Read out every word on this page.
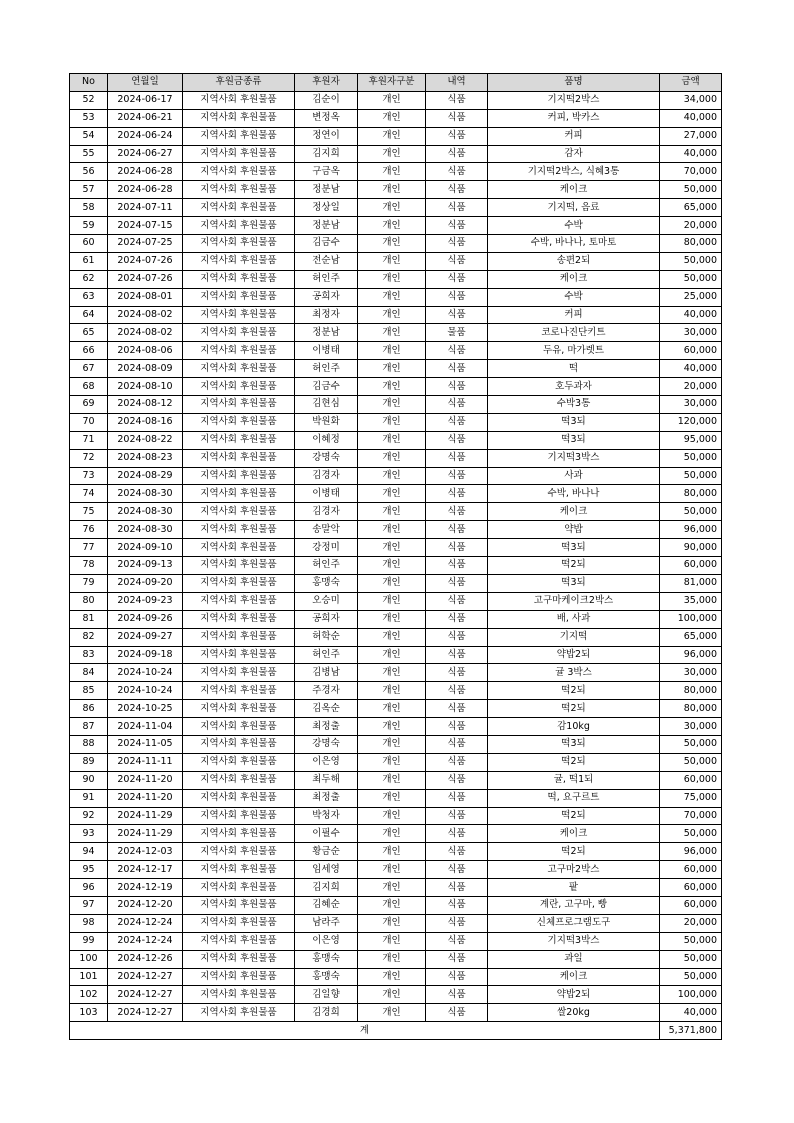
No	연월일	후원금종류	후원자	후원자구분	내역	품명	금액
52	2024-06-17	지역사회 후원물품	김순이	개인	식품	기지떡2박스	34,000
53	2024-06-21	지역사회 후원물품	변정옥	개인	식품	커피, 박카스	40,000
54	2024-06-24	지역사회 후원물품	정연이	개인	식품	커피	27,000
55	2024-06-27	지역사회 후원물품	김지희	개인	식품	감자	40,000
56	2024-06-28	지역사회 후원물품	구금옥	개인	식품	기지떡2박스, 식혜3통	70,000
57	2024-06-28	지역사회 후원물품	정분남	개인	식품	케이크	50,000
58	2024-07-11	지역사회 후원물품	정상일	개인	식품	기지떡, 음료	65,000
59	2024-07-15	지역사회 후원물품	정분남	개인	식품	수박	20,000
60	2024-07-25	지역사회 후원물품	김금수	개인	식품	수박, 바나나, 토마토	80,000
61	2024-07-26	지역사회 후원물품	전순남	개인	식품	송편2되	50,000
62	2024-07-26	지역사회 후원물품	허인주	개인	식품	케이크	50,000
63	2024-08-01	지역사회 후원물품	공희자	개인	식품	수박	25,000
64	2024-08-02	지역사회 후원물품	최정자	개인	식품	커피	40,000
65	2024-08-02	지역사회 후원물품	정분남	개인	물품	코로나진단키트	30,000
66	2024-08-06	지역사회 후원물품	이병태	개인	식품	두유, 마가렛트	60,000
67	2024-08-09	지역사회 후원물품	허인주	개인	식품	떡	40,000
68	2024-08-10	지역사회 후원물품	김금수	개인	식품	호두과자	20,000
69	2024-08-12	지역사회 후원물품	김현심	개인	식품	수박3통	30,000
70	2024-08-16	지역사회 후원물품	박원화	개인	식품	떡3되	120,000
71	2024-08-22	지역사회 후원물품	이혜정	개인	식품	떡3되	95,000
72	2024-08-23	지역사회 후원물품	강명숙	개인	식품	기지떡3박스	50,000
73	2024-08-29	지역사회 후원물품	김경자	개인	식품	사과	50,000
74	2024-08-30	지역사회 후원물품	이병태	개인	식품	수박, 바나나	80,000
75	2024-08-30	지역사회 후원물품	김경자	개인	식품	케이크	50,000
76	2024-08-30	지역사회 후원물품	송말악	개인	식품	약밥	96,000
77	2024-09-10	지역사회 후원물품	강정미	개인	식품	떡3되	90,000
78	2024-09-13	지역사회 후원물품	허인주	개인	식품	떡2되	60,000
79	2024-09-20	지역사회 후원물품	홍맹숙	개인	식품	떡3되	81,000
80	2024-09-23	지역사회 후원물품	오승미	개인	식품	고구마케이크2박스	35,000
81	2024-09-26	지역사회 후원물품	공희자	개인	식품	배, 사과	100,000
82	2024-09-27	지역사회 후원물품	허학순	개인	식품	기지떡	65,000
83	2024-09-18	지역사회 후원물품	허인주	개인	식품	약밥2되	96,000
84	2024-10-24	지역사회 후원물품	김병남	개인	식품	귤 3박스	30,000
85	2024-10-24	지역사회 후원물품	주경자	개인	식품	떡2되	80,000
86	2024-10-25	지역사회 후원물품	김옥순	개인	식품	떡2되	80,000
87	2024-11-04	지역사회 후원물품	최정출	개인	식품	감10kg	30,000
88	2024-11-05	지역사회 후원물품	강명숙	개인	식품	떡3되	50,000
89	2024-11-11	지역사회 후원물품	이은영	개인	식품	떡2되	50,000
90	2024-11-20	지역사회 후원물품	최두해	개인	식품	귤, 떡1되	60,000
91	2024-11-20	지역사회 후원물품	최정출	개인	식품	떡, 요구르트	75,000
92	2024-11-29	지역사회 후원물품	박청자	개인	식품	떡2되	70,000
93	2024-11-29	지역사회 후원물품	이필수	개인	식품	케이크	50,000
94	2024-12-03	지역사회 후원물품	황금순	개인	식품	떡2되	96,000
95	2024-12-17	지역사회 후원물품	임세영	개인	식품	고구마2박스	60,000
96	2024-12-19	지역사회 후원물품	김지희	개인	식품	팥	60,000
97	2024-12-20	지역사회 후원물품	김혜순	개인	식품	계란, 고구마, 빵	60,000
98	2024-12-24	지역사회 후원물품	남라주	개인	식품	신체프로그램도구	20,000
99	2024-12-24	지역사회 후원물품	이은영	개인	식품	기지떡3박스	50,000
100	2024-12-26	지역사회 후원물품	홍맹숙	개인	식품	과일	50,000
101	2024-12-27	지역사회 후원물품	홍맹숙	개인	식품	케이크	50,000
102	2024-12-27	지역사회 후원물품	김일향	개인	식품	약밥2되	100,000
103	2024-12-27	지역사회 후원물품	김경희	개인	식품	쌀20kg	40,000
계							5,371,800
